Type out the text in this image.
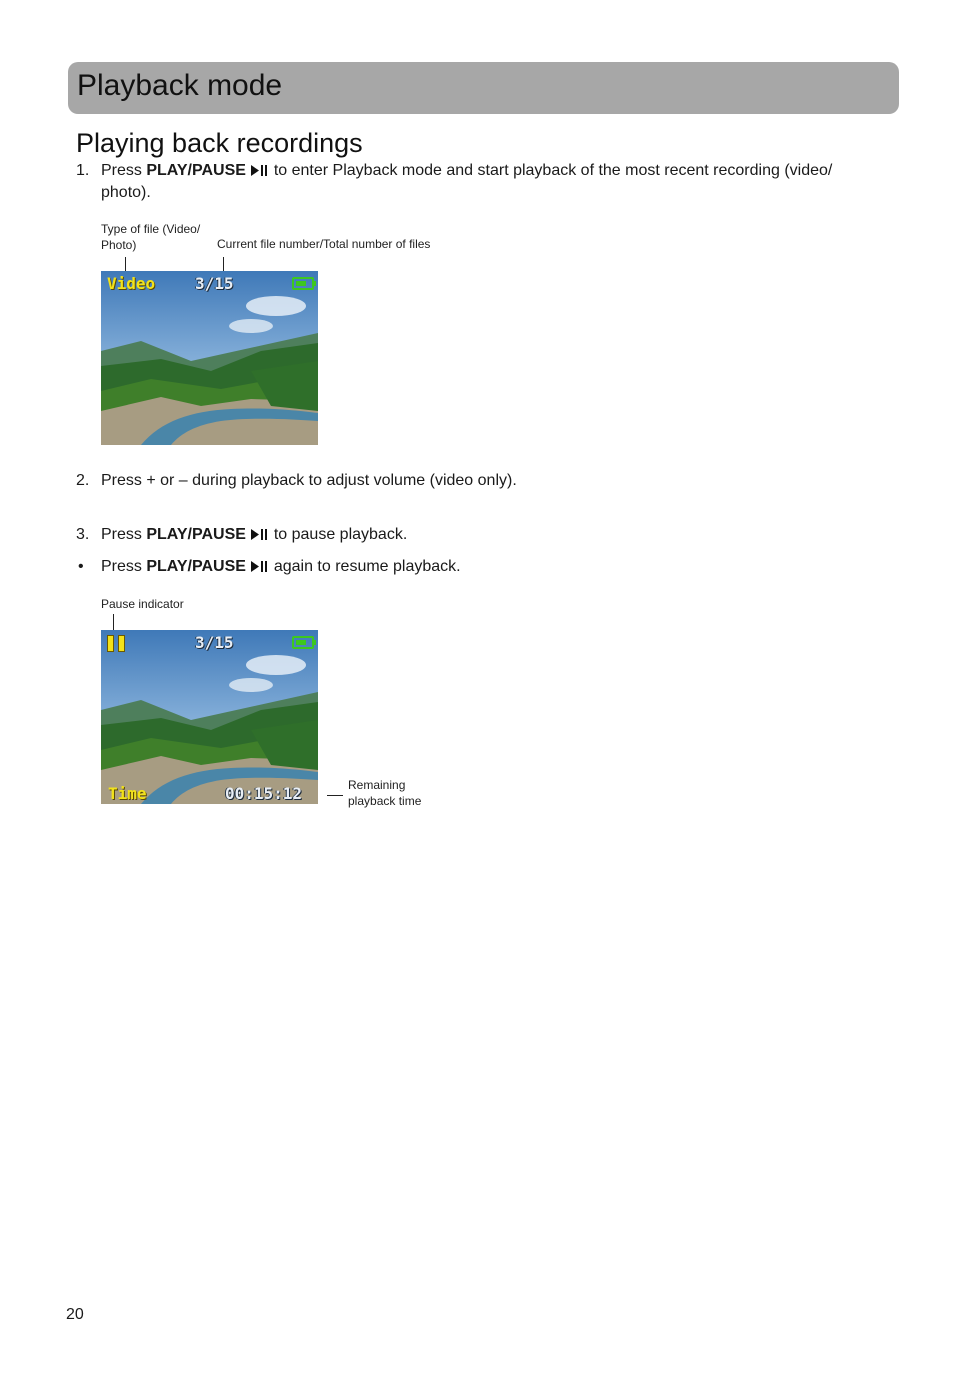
Playback mode
Playing back recordings
1. Press PLAY/PAUSE  to enter Playback mode and start playback of the most recent recording (video/ photo).
Type of file (Video/ Photo)	Current file number/Total number of files
Video 3/15
2. Press + or – during playback to adjust volume (video only).
3. Press PLAY/PAUSE  to pause playback.
• Press PLAY/PAUSE  again to resume playback.
Pause indicator
3/15
Time	00:15:12	Remaining playback time
20
